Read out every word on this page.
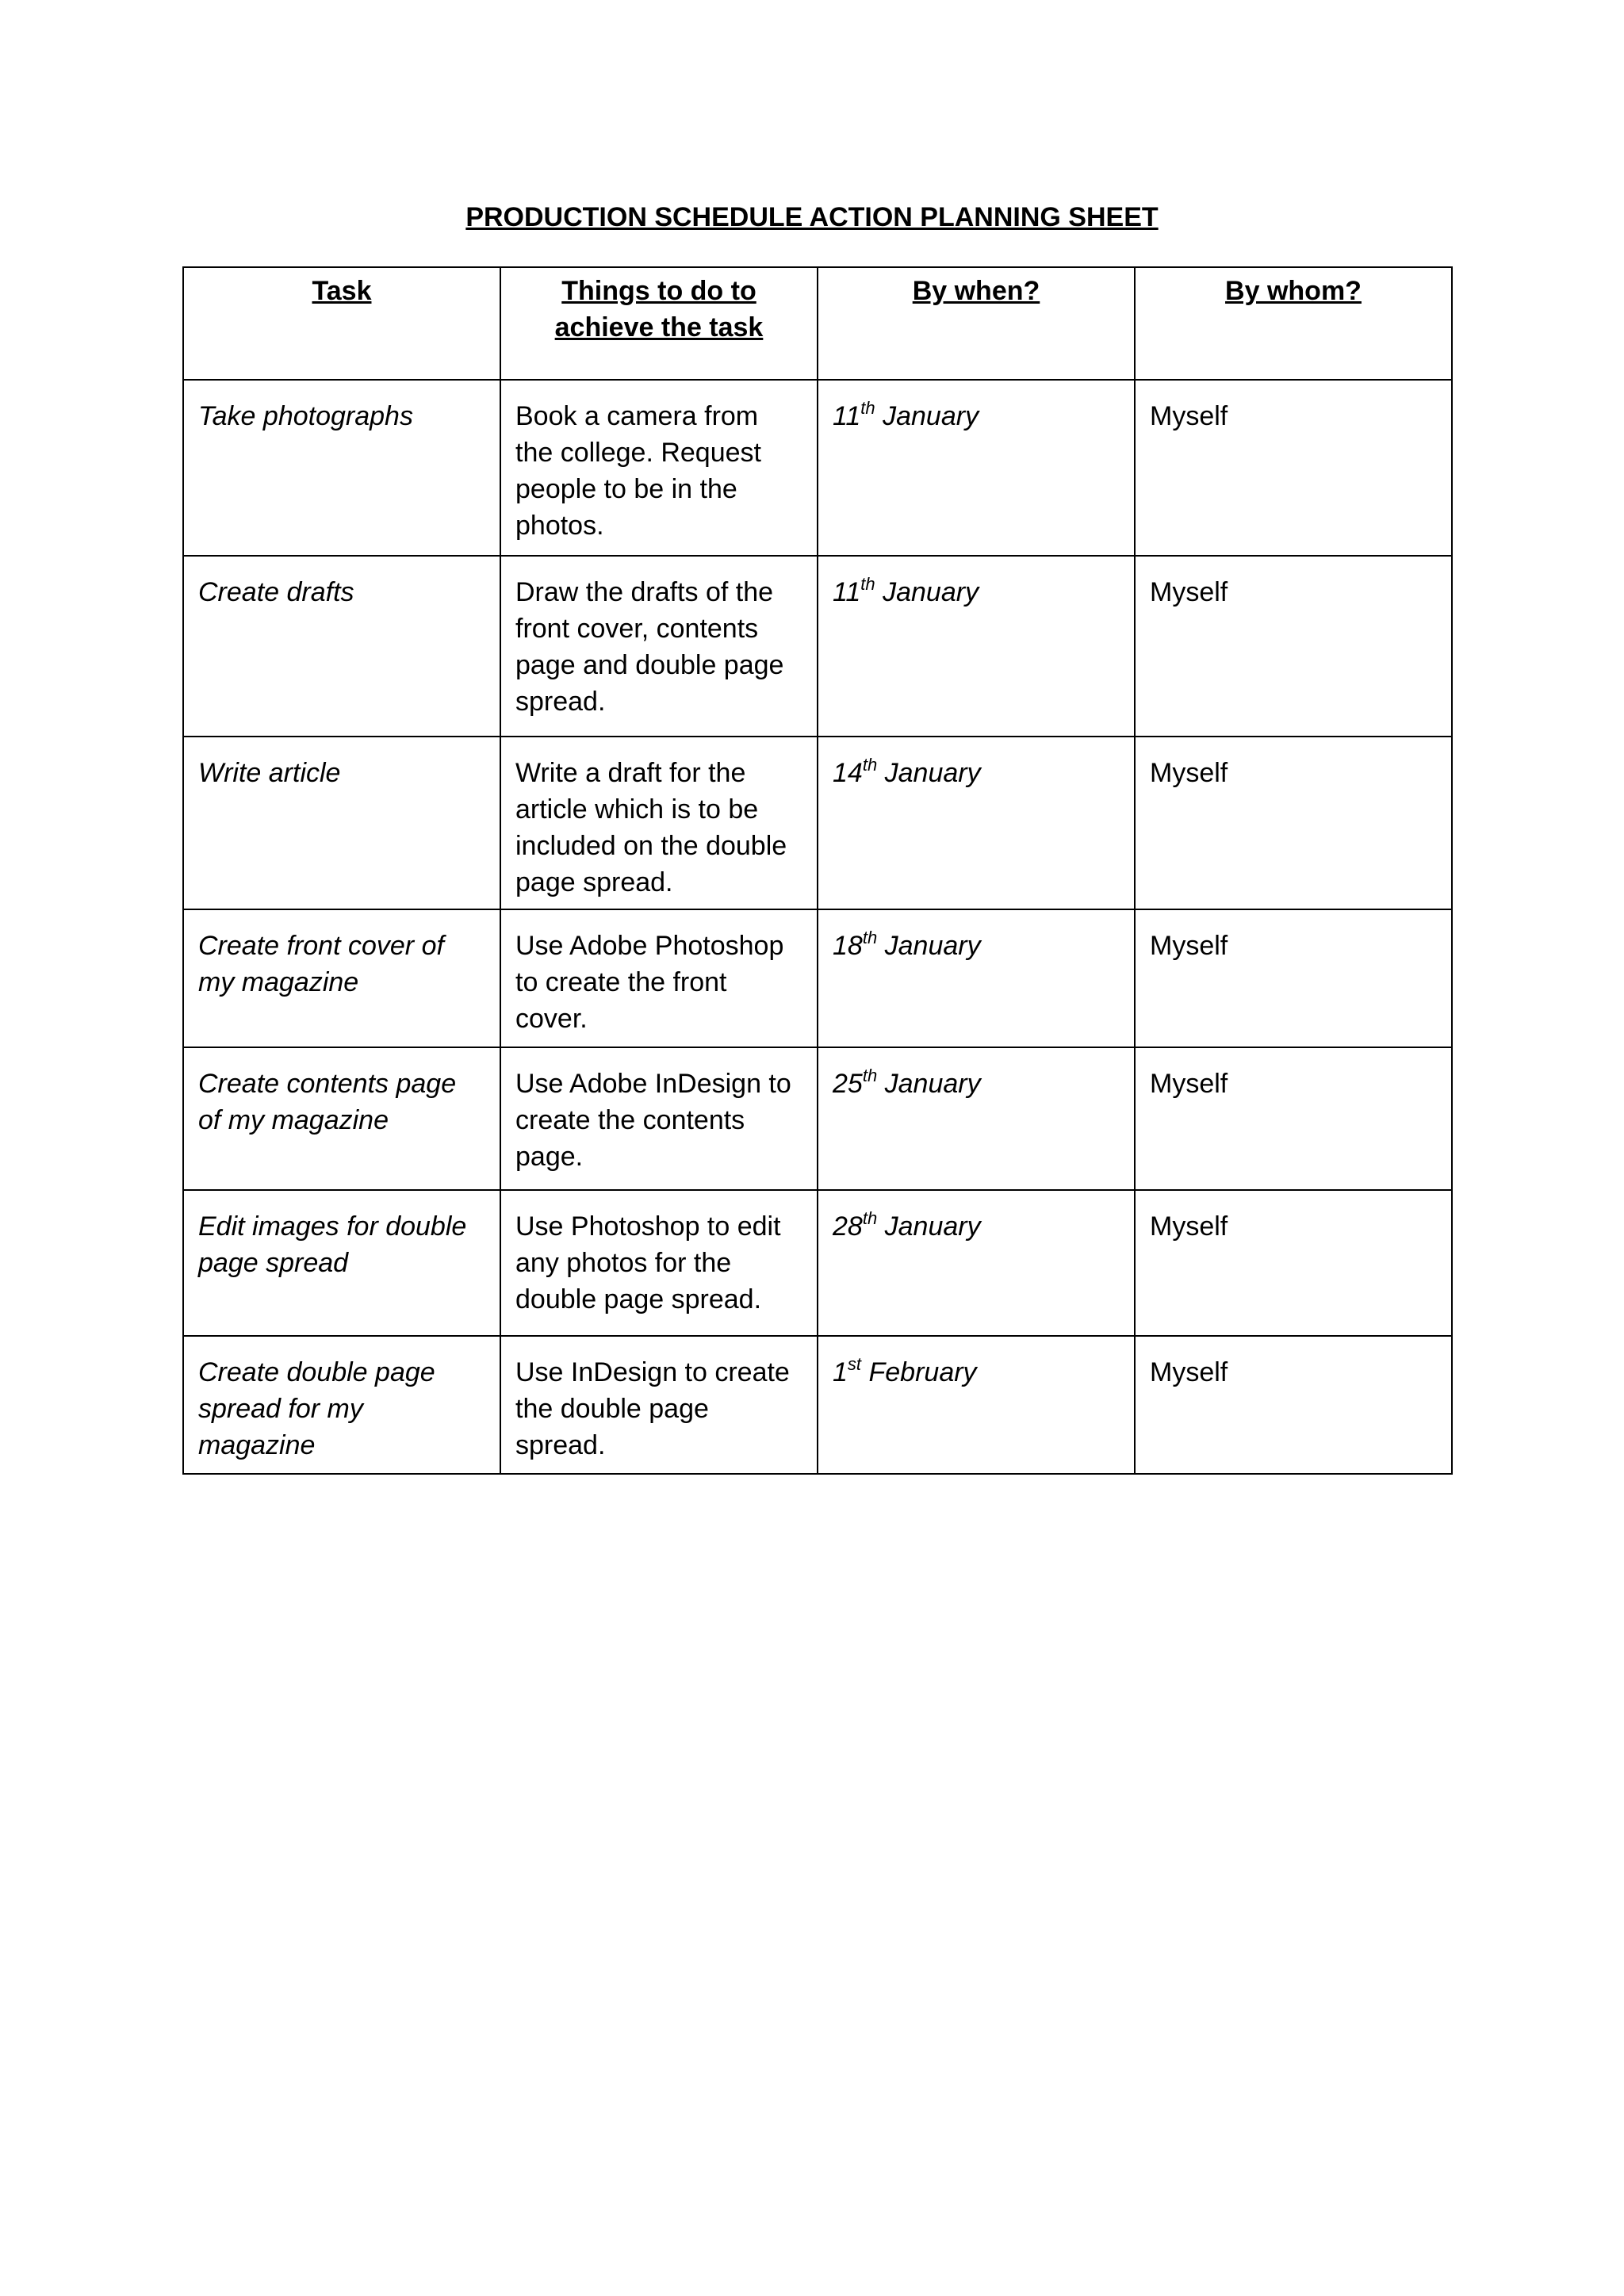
PRODUCTION SCHEDULE ACTION PLANNING SHEET
Task	Things to do to achieve the task	By when?	By whom?
Take photographs	Book a camera from the college. Request people to be in the photos.	11th January	Myself
Create drafts	Draw the drafts of the front cover, contents page and double page spread.	11th January	Myself
Write article	Write a draft for the article which is to be included on the double page spread.	14th January	Myself
Create front cover of my magazine	Use Adobe Photoshop to create the front cover.	18th January	Myself
Create contents page of my magazine	Use Adobe InDesign to create the contents page.	25th January	Myself
Edit images for double page spread	Use Photoshop to edit any photos for the double page spread.	28th January	Myself
Create double page spread for my magazine	Use InDesign to create the double page spread.	1st February	Myself
